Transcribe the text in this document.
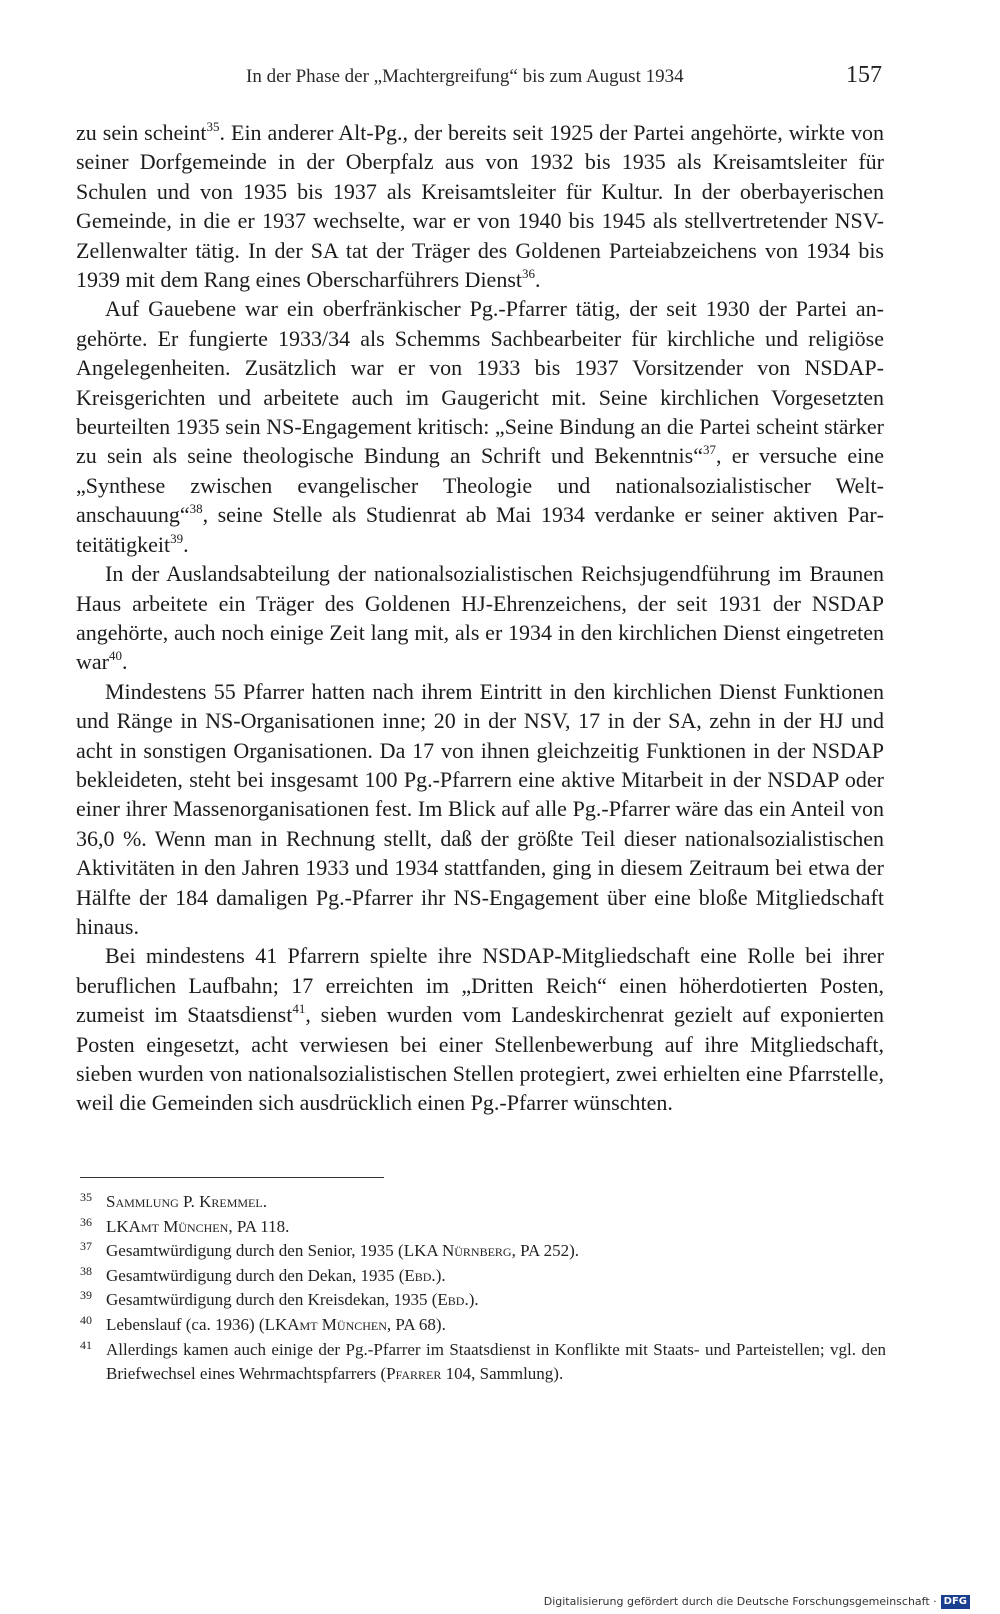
In der Phase der „Machtergreifung“ bis zum August 1934	157

zu sein scheint$^{35}$. Ein anderer Alt-Pg., der bereits seit 1925 der Partei angehörte, wirkte von seiner Dorfgemeinde in der Oberpfalz aus von 1932 bis 1935 als Kreisamtsleiter für Schulen und von 1935 bis 1937 als Kreisamtsleiter für Kultur. In der oberbayerischen Gemeinde, in die er 1937 wechselte, war er von 1940 bis 1945 als stellvertretender NSV-Zellenwalter tätig. In der SA tat der Träger des Goldenen Parteiabzeichens von 1934 bis 1939 mit dem Rang eines Oberscharführers Dienst$^{36}$.

Auf Gauebene war ein oberfränkischer Pg.-Pfarrer tätig, der seit 1930 der Partei angehörte. Er fungierte 1933/34 als Schemms Sachbearbeiter für kirchliche und religiöse Angelegenheiten. Zusätzlich war er von 1933 bis 1937 Vorsitzender von NSDAP-Kreisgerichten und arbeitete auch im Gaugericht mit. Seine kirchlichen Vorgesetzten beurteilten 1935 sein NS-Engagement kritisch: „Seine Bindung an die Partei scheint stärker zu sein als seine theologische Bindung an Schrift und Bekenntnis“$^{37}$, er versuche eine „Synthese zwischen evangelischer Theologie und nationalsozialistischer Weltanschauung“$^{38}$, seine Stelle als Studienrat ab Mai 1934 verdanke er seiner aktiven Parteitätigkeit$^{39}$.

In der Auslandsabteilung der nationalsozialistischen Reichsjugendführung im Braunen Haus arbeitete ein Träger des Goldenen HJ-Ehrenzeichens, der seit 1931 der NSDAP angehörte, auch noch einige Zeit lang mit, als er 1934 in den kirchlichen Dienst eingetreten war$^{40}$.

Mindestens 55 Pfarrer hatten nach ihrem Eintritt in den kirchlichen Dienst Funktionen und Ränge in NS-Organisationen inne; 20 in der NSV, 17 in der SA, zehn in der HJ und acht in sonstigen Organisationen. Da 17 von ihnen gleichzeitig Funktionen in der NSDAP bekleideten, steht bei insgesamt 100 Pg.-Pfarrern eine aktive Mitarbeit in der NSDAP oder einer ihrer Massenorganisationen fest. Im Blick auf alle Pg.-Pfarrer wäre das ein Anteil von 36,0 %. Wenn man in Rechnung stellt, daß der größte Teil dieser nationalsozialistischen Aktivitäten in den Jahren 1933 und 1934 stattfanden, ging in diesem Zeitraum bei etwa der Hälfte der 184 damaligen Pg.-Pfarrer ihr NS-Engagement über eine bloße Mitgliedschaft hinaus.

Bei mindestens 41 Pfarrern spielte ihre NSDAP-Mitgliedschaft eine Rolle bei ihrer beruflichen Laufbahn; 17 erreichten im „Dritten Reich“ einen höherdotierten Posten, zumeist im Staatsdienst$^{41}$, sieben wurden vom Landeskirchenrat gezielt auf exponierten Posten eingesetzt, acht verwiesen bei einer Stellenbewerbung auf ihre Mitgliedschaft, sieben wurden von nationalsozialistischen Stellen protegiert, zwei erhielten eine Pfarrstelle, weil die Gemeinden sich ausdrücklich einen Pg.-Pfarrer wünschten.

$^{35}$ Sammlung P. Kremmel.

$^{36}$ LKAmt München, PA 118.

$^{37}$ Gesamtwürdigung durch den Senior, 1935 (LKA Nürnberg, PA 252).

$^{38}$ Gesamtwürdigung durch den Dekan, 1935 (Ebd.).

$^{39}$ Gesamtwürdigung durch den Kreisdekan, 1935 (Ebd.).

$^{40}$ Lebenslauf (ca. 1936) (LKAmt München, PA 68).

$^{41}$ Allerdings kamen auch einige der Pg.-Pfarrer im Staatsdienst in Konflikte mit Staats- und Parteistellen; vgl. den Briefwechsel eines Wehrmachtspfarrers (Pfarrer 104, Sammlung).

Digitalisierung gefördert durch die Deutsche Forschungsgemeinschaft · DFG
